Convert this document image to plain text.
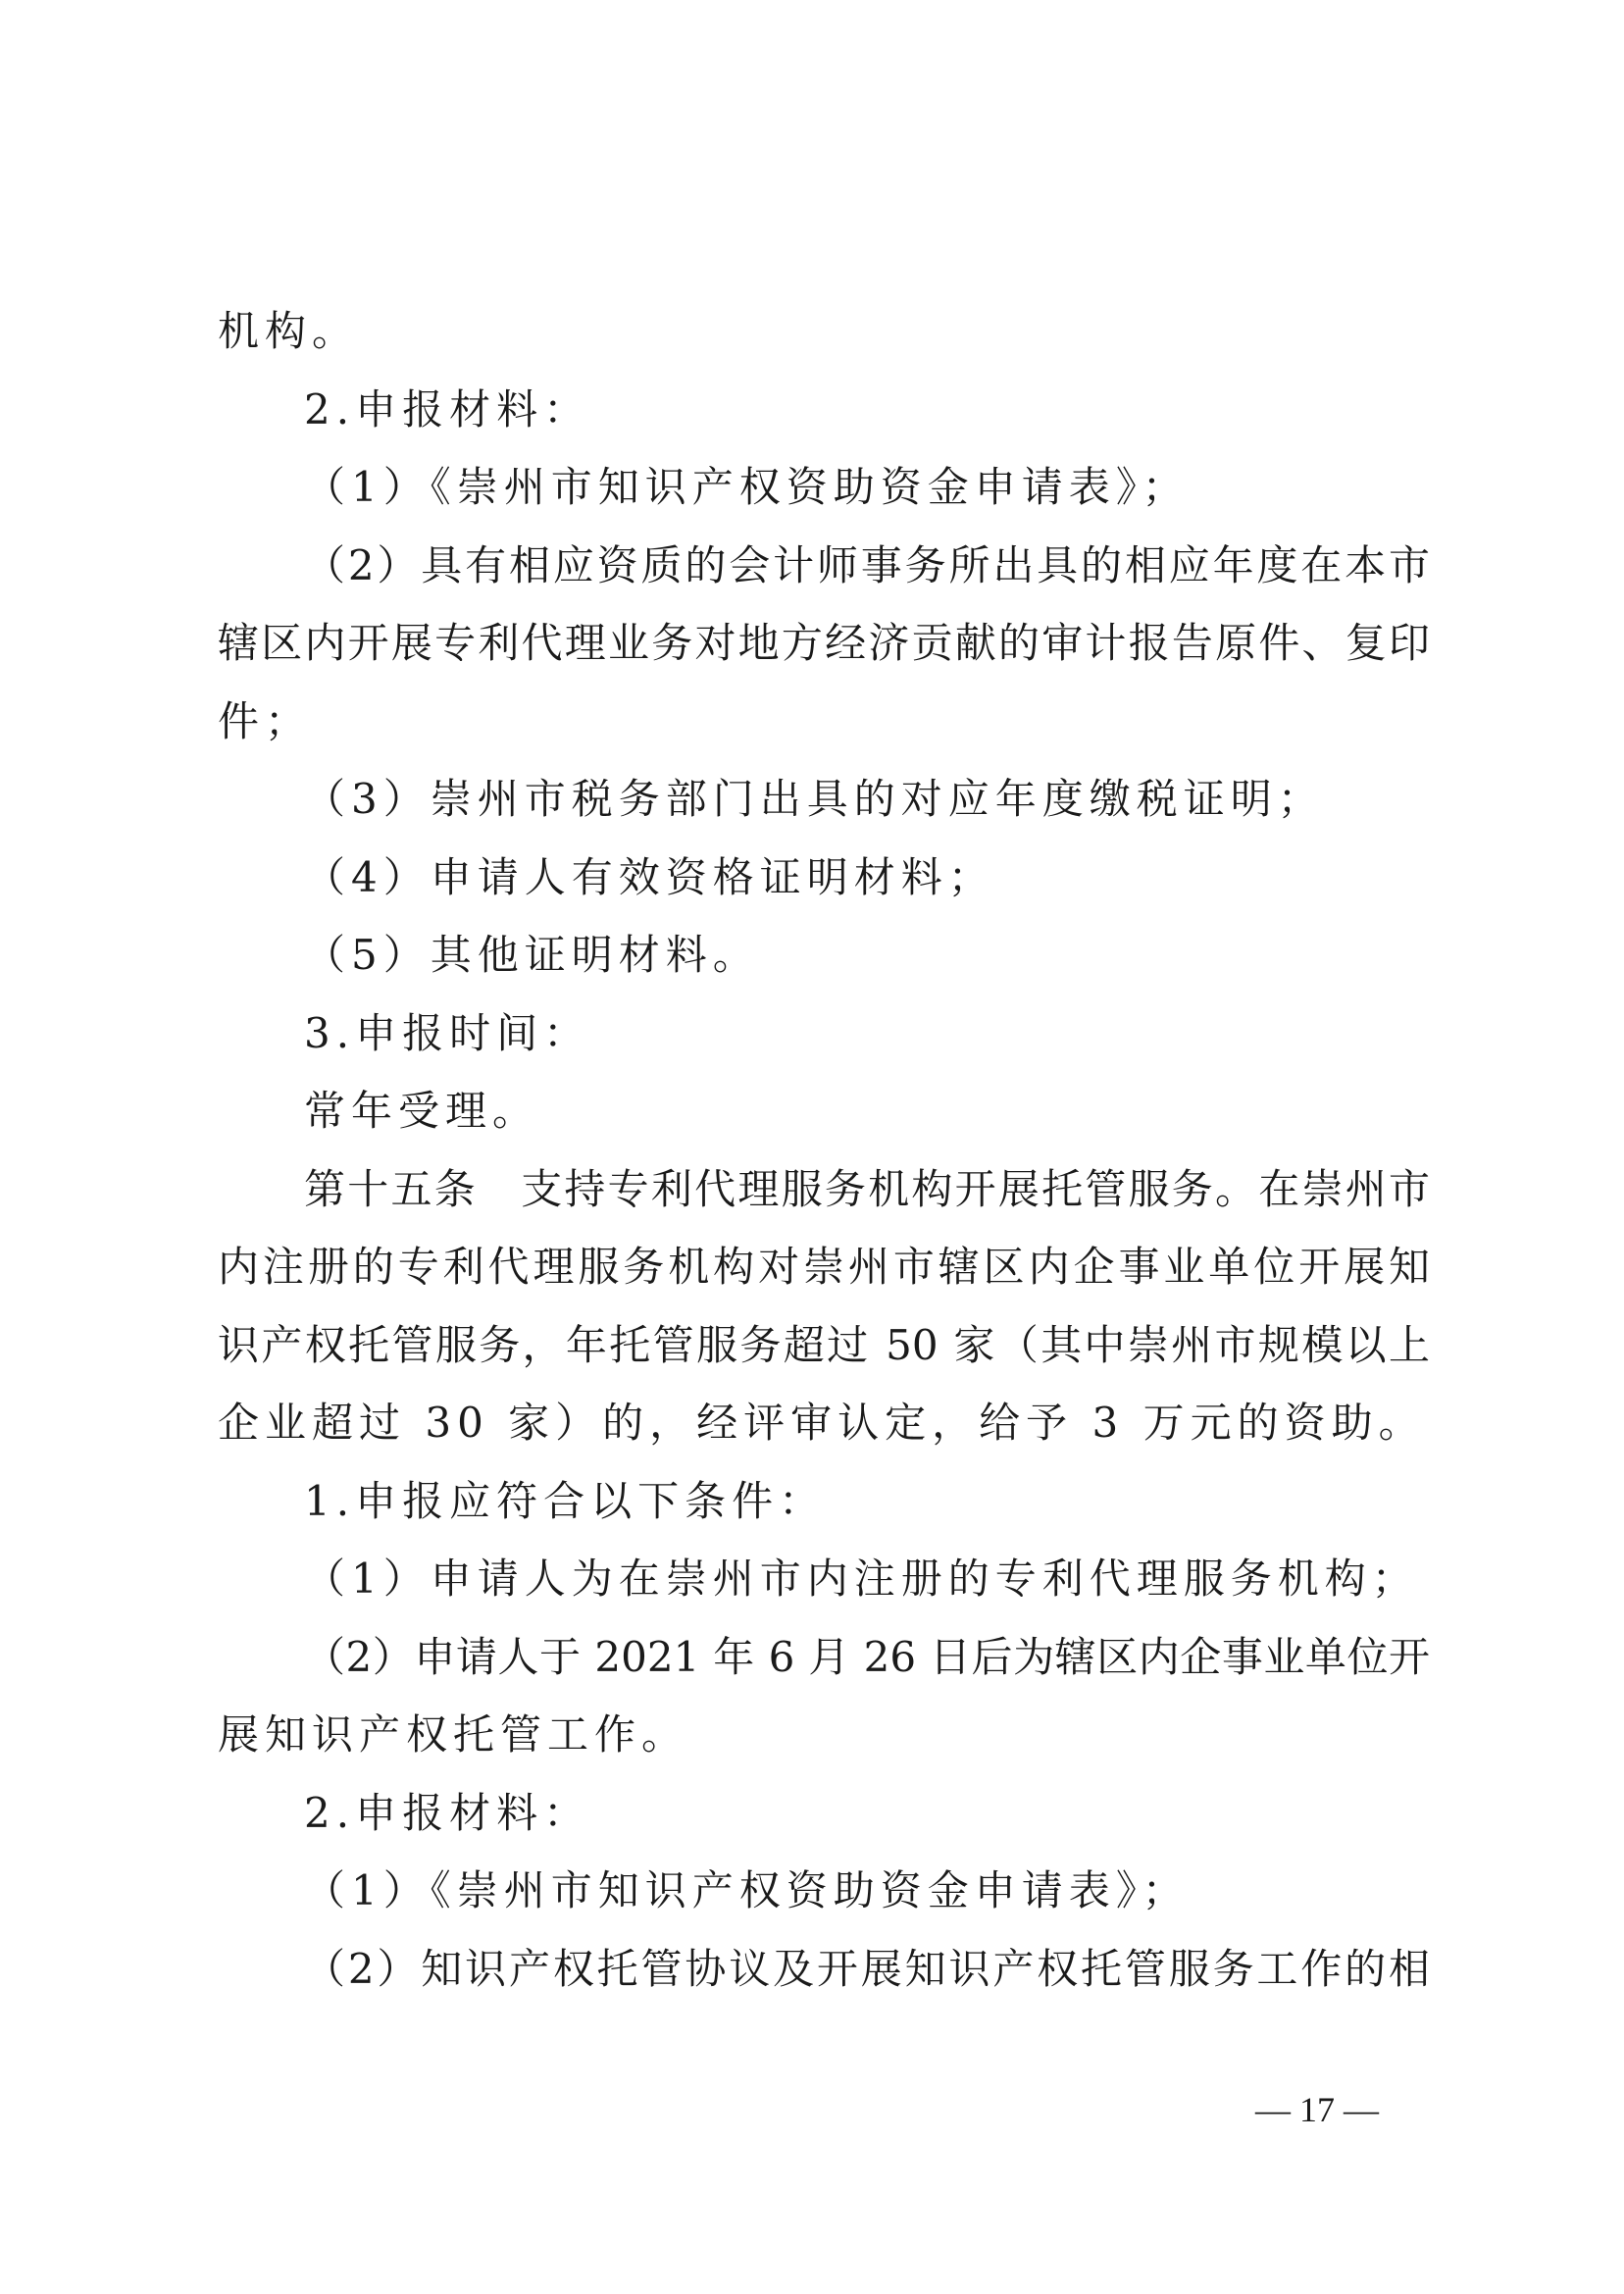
机构。
2.申报材料：
（1）《崇州市知识产权资助资金申请表》；
（2）具有相应资质的会计师事务所出具的相应年度在本市
辖区内开展专利代理业务对地方经济贡献的审计报告原件、复印
件；
（3）崇州市税务部门出具的对应年度缴税证明；
（4）申请人有效资格证明材料；
（5）其他证明材料。
3.申报时间：
常年受理。
第十五条　支持专利代理服务机构开展托管服务。在崇州市
内注册的专利代理服务机构对崇州市辖区内企事业单位开展知
识产权托管服务，年托管服务超过 50 家（其中崇州市规模以上
企业超过 30 家）的，经评审认定，给予 3 万元的资助。
1.申报应符合以下条件：
（1）申请人为在崇州市内注册的专利代理服务机构；
（2）申请人于 2021 年 6 月 26 日后为辖区内企事业单位开
展知识产权托管工作。
2.申报材料：
（1）《崇州市知识产权资助资金申请表》；
（2）知识产权托管协议及开展知识产权托管服务工作的相
— 17 —
